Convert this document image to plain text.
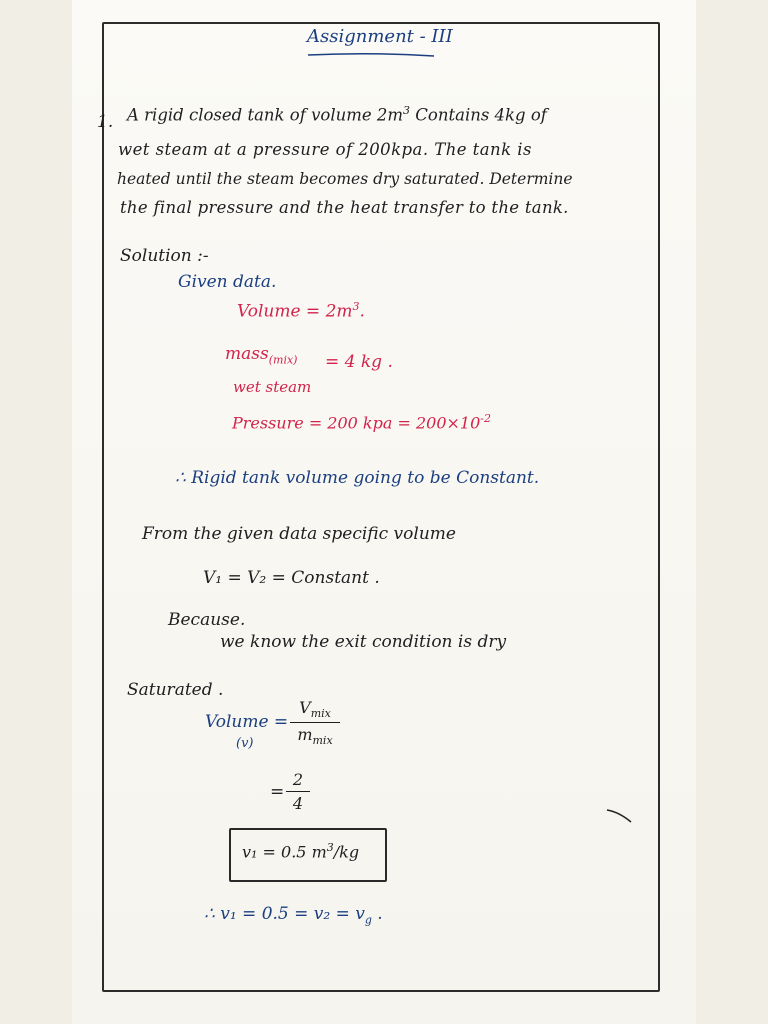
Assignment - III
1. A rigid closed tank of volume $2m^3$ Contains 4kg of
wet steam at a pressure of 200kpa. The tank is
heated until the steam becomes dry saturated. Determine
the final pressure and the heat transfer to the tank.
Solution :-
Given data.
Volume = $2m^3$.
mass$_{(mix)}$ = 4 kg .
wet steam
Pressure = 200 kpa = $200\times 10^{-2}$
∴ Rigid tank volume going to be Constant.
From the given data specific volume
V₁ = V₂ = Constant .
Because.
we know the exit condition is dry
Saturated .
Volume =
(v)
$V_{mix}$
$m_{mix}$
=
2
4
v₁ = 0.5 $m^3/kg$
∴ $v_1 = 0.5 = v_2 = v_g$ .
